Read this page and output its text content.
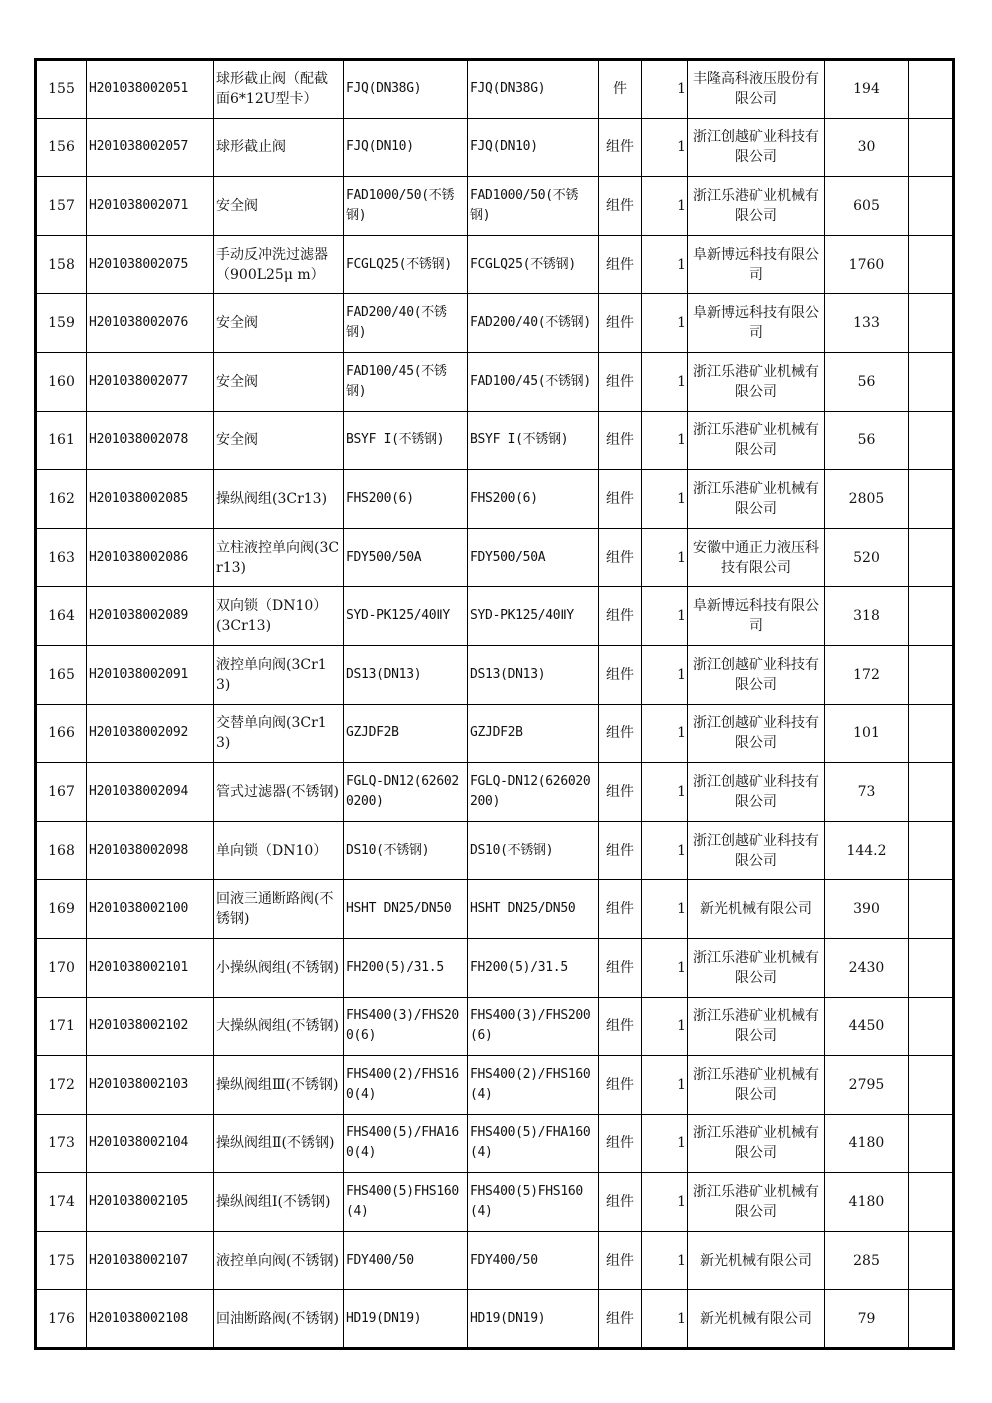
155	H201038002051	球形截止阀（配截面6*12U型卡）	FJQ(DN38G)	FJQ(DN38G)	件	1	丰隆高科液压股份有限公司	194	
156	H201038002057	球形截止阀	FJQ(DN10)	FJQ(DN10)	组件	1	浙江创越矿业科技有限公司	30	
157	H201038002071	安全阀	FAD1000/50(不锈钢)	FAD1000/50(不锈钢)	组件	1	浙江乐港矿业机械有限公司	605	
158	H201038002075	手动反冲洗过滤器（900L25μ m）	FCGLQ25(不锈钢)	FCGLQ25(不锈钢)	组件	1	阜新博远科技有限公司	1760	
159	H201038002076	安全阀	FAD200/40(不锈钢)	FAD200/40(不锈钢)	组件	1	阜新博远科技有限公司	133	
160	H201038002077	安全阀	FAD100/45(不锈钢)	FAD100/45(不锈钢)	组件	1	浙江乐港矿业机械有限公司	56	
161	H201038002078	安全阀	BSYF I(不锈钢)	BSYF I(不锈钢)	组件	1	浙江乐港矿业机械有限公司	56	
162	H201038002085	操纵阀组(3Cr13)	FHS200(6)	FHS200(6)	组件	1	浙江乐港矿业机械有限公司	2805	
163	H201038002086	立柱液控单向阀(3Cr13)	FDY500/50A	FDY500/50A	组件	1	安徽中通正力液压科技有限公司	520	
164	H201038002089	双向锁（DN10）(3Cr13)	SYD-PK125/40ⅡY	SYD-PK125/40ⅡY	组件	1	阜新博远科技有限公司	318	
165	H201038002091	液控单向阀(3Cr13)	DS13(DN13)	DS13(DN13)	组件	1	浙江创越矿业科技有限公司	172	
166	H201038002092	交替单向阀(3Cr13)	GZJDF2B	GZJDF2B	组件	1	浙江创越矿业科技有限公司	101	
167	H201038002094	管式过滤器(不锈钢)	FGLQ-DN12(626020200)	FGLQ-DN12(626020200)	组件	1	浙江创越矿业科技有限公司	73	
168	H201038002098	单向锁（DN10）	DS10(不锈钢)	DS10(不锈钢)	组件	1	浙江创越矿业科技有限公司	144.2	
169	H201038002100	回液三通断路阀(不锈钢)	HSHT DN25/DN50	HSHT DN25/DN50	组件	1	新光机械有限公司	390	
170	H201038002101	小操纵阀组(不锈钢)	FH200(5)/31.5	FH200(5)/31.5	组件	1	浙江乐港矿业机械有限公司	2430	
171	H201038002102	大操纵阀组(不锈钢)	FHS400(3)/FHS200(6)	FHS400(3)/FHS200(6)	组件	1	浙江乐港矿业机械有限公司	4450	
172	H201038002103	操纵阀组Ⅲ(不锈钢)	FHS400(2)/FHS160(4)	FHS400(2)/FHS160(4)	组件	1	浙江乐港矿业机械有限公司	2795	
173	H201038002104	操纵阀组Ⅱ(不锈钢)	FHS400(5)/FHA160(4)	FHS400(5)/FHA160(4)	组件	1	浙江乐港矿业机械有限公司	4180	
174	H201038002105	操纵阀组Ⅰ(不锈钢)	FHS400(5)FHS160(4)	FHS400(5)FHS160(4)	组件	1	浙江乐港矿业机械有限公司	4180	
175	H201038002107	液控单向阀(不锈钢)	FDY400/50	FDY400/50	组件	1	新光机械有限公司	285	
176	H201038002108	回油断路阀(不锈钢)	HD19(DN19)	HD19(DN19)	组件	1	新光机械有限公司	79	
